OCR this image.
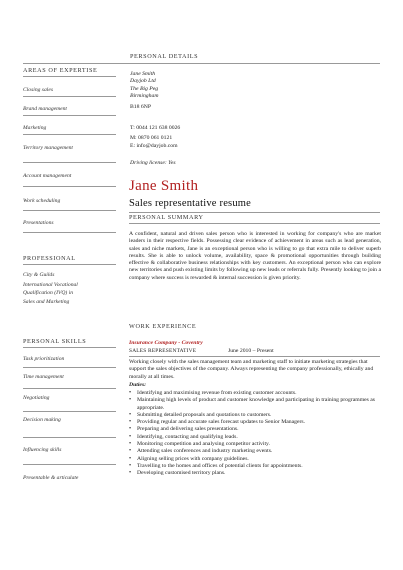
PERSONAL DETAILS
AREAS OF EXPERTISE
Closing sales
Brand management
Marketing
Territory management
Account management
Work scheduling
Presentations
Jane Smith
Dayjob Ltd
The Big Peg
Birmingham
B18 6NP
T: 0044 121 638 0026
M: 0870 061 0121
E: info@dayjob.com
Driving license: Yes
Jane Smith
Sales representative resume
PERSONAL SUMMARY
A confident, natural and driven sales person who is interested in working for company's who are market leaders in their respective fields. Possessing clear evidence of achievement in areas such as lead generation, sales and niche markets, Jane is an exceptional person who is willing to go that extra mile to deliver superb results. She is able to unlock volume, availability, space & promotional opportunities through building effective & collaborative business relationships with key customers. An exceptional person who can explore new territories and push existing limits by following up new leads or referrals fully. Presently looking to join a company where success is rewarded & internal succession is given priority.
PROFESSIONAL
City & Guilds
International Vocational
Qualification (IVQ) in
Sales and Marketing
WORK EXPERIENCE
Insurance Company - Coventry
SALES REPRESENTATIVE	June 2010 – Present
Working closely with the sales management team and marketing staff to initiate marketing strategies that support the sales objectives of the company. Always representing the company professionally, ethically and morally at all times.
Duties:
• Identifying and maximising revenue from existing customer accounts.
• Maintaining high levels of product and customer knowledge and participating in training programmes as appropriate.
• Submitting detailed proposals and quotations to customers.
• Providing regular and accurate sales forecast updates to Senior Managers.
• Preparing and delivering sales presentations.
• Identifying, contacting and qualifying leads.
• Monitoring competition and analysing competitor activity.
• Attending sales conferences and industry marketing events.
• Aligning selling prices with company guidelines.
• Travelling to the homes and offices of potential clients for appointments.
• Developing customised territory plans.
PERSONAL SKILLS
Task prioritization
Time management
Negotiating
Decision making
Influencing skills
Presentable & articulate
